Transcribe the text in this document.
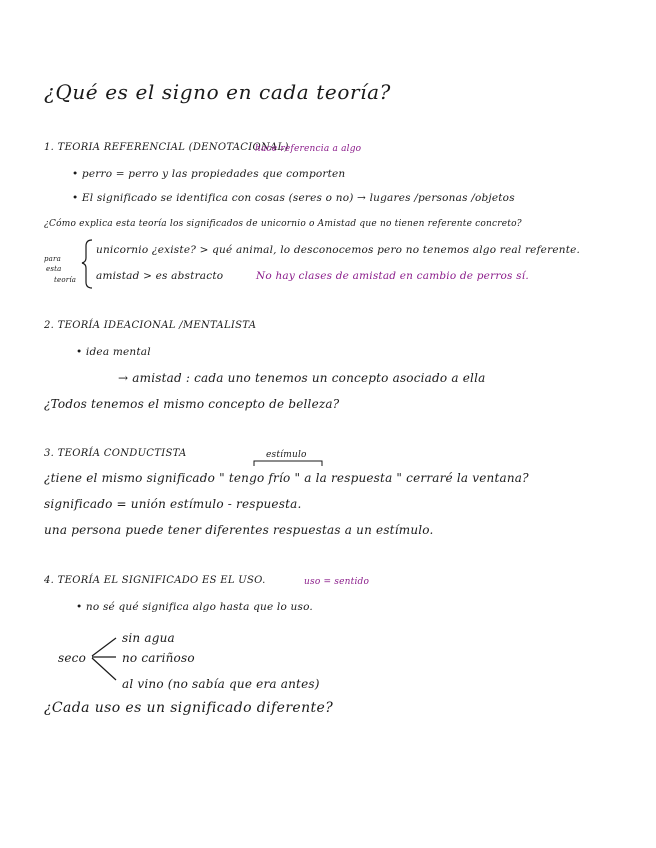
¿Qué es el signo en cada teoría?
1. TEORIA REFERENCIAL (DENOTACIONAL)
hace referencia a algo
• perro = perro y las propiedades que comporten
• El significado se identifica con cosas (seres o no) → lugares /personas /objetos
¿Cómo explica esta teoría los significados de unicornio o Amistad que no tienen referente concreto?
para
esta
teoría
unicornio ¿existe? > qué animal, lo desconocemos pero no tenemos algo real referente.
amistad > es abstracto	No hay clases de amistad en cambio de perros sí.
2. TEORÍA IDEACIONAL /MENTALISTA
• idea mental
→ amistad : cada uno tenemos un concepto asociado a ella
¿Todos tenemos el mismo concepto de belleza?
3. TEORÍA CONDUCTISTA	estímulo
¿tiene el mismo significado " tengo frío " a la respuesta " cerraré la ventana?
significado = unión estímulo - respuesta.
una persona puede tener diferentes respuestas a un estímulo.
4. TEORÍA EL SIGNIFICADO ES EL USO.	uso = sentido
• no sé qué significa algo hasta que lo uso.
seco
sin agua
no cariñoso
al vino (no sabía que era antes)
¿Cada uso es un significado diferente?
